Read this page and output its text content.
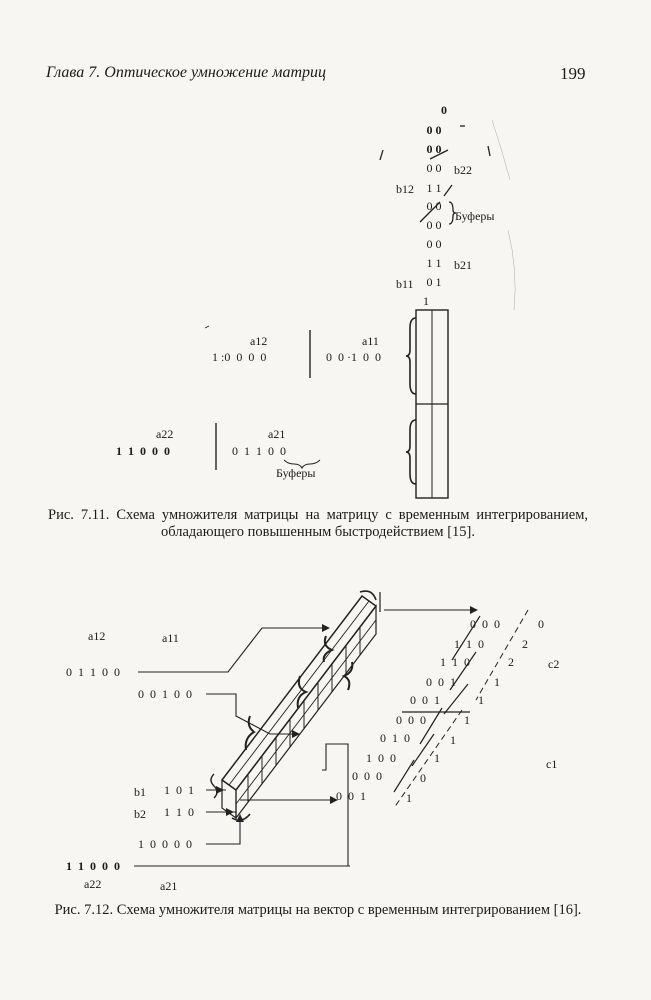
Глава 7. Оптическое умножение матриц	199
0
0 0
0 0
0 0
1 1
0 0
0 0
0 0
1 1
0 1
1
b22
b12
b21
b11
Буферы
a12	a11
1 :0  0  0  0	0  0 ·1  0  0
a22	a21
1  1  0  0  0	0  1  1  0  0
Буферы
Рис. 7.11. Схема умножителя матрицы на матрицу с временным интегрированием, обладающего повышенным быстродействием [15].
a12	a11
0  1  1  0  0
0  0  1  0  0
b1 1  0  1
b2 1  1  0
1  0  0  0  0
1  1  0  0  0
a22	a21
0  0  0
1  1  0
1  1  0
0  0  1
0  0  1
0  0  0
0  1  0
1  0  0
0  0  0
0  0  1
0
2
2
1
1
1
1
1
0
1
c2
c1
Рис. 7.12. Схема умножителя матрицы на вектор с временным интегрированием [16].
